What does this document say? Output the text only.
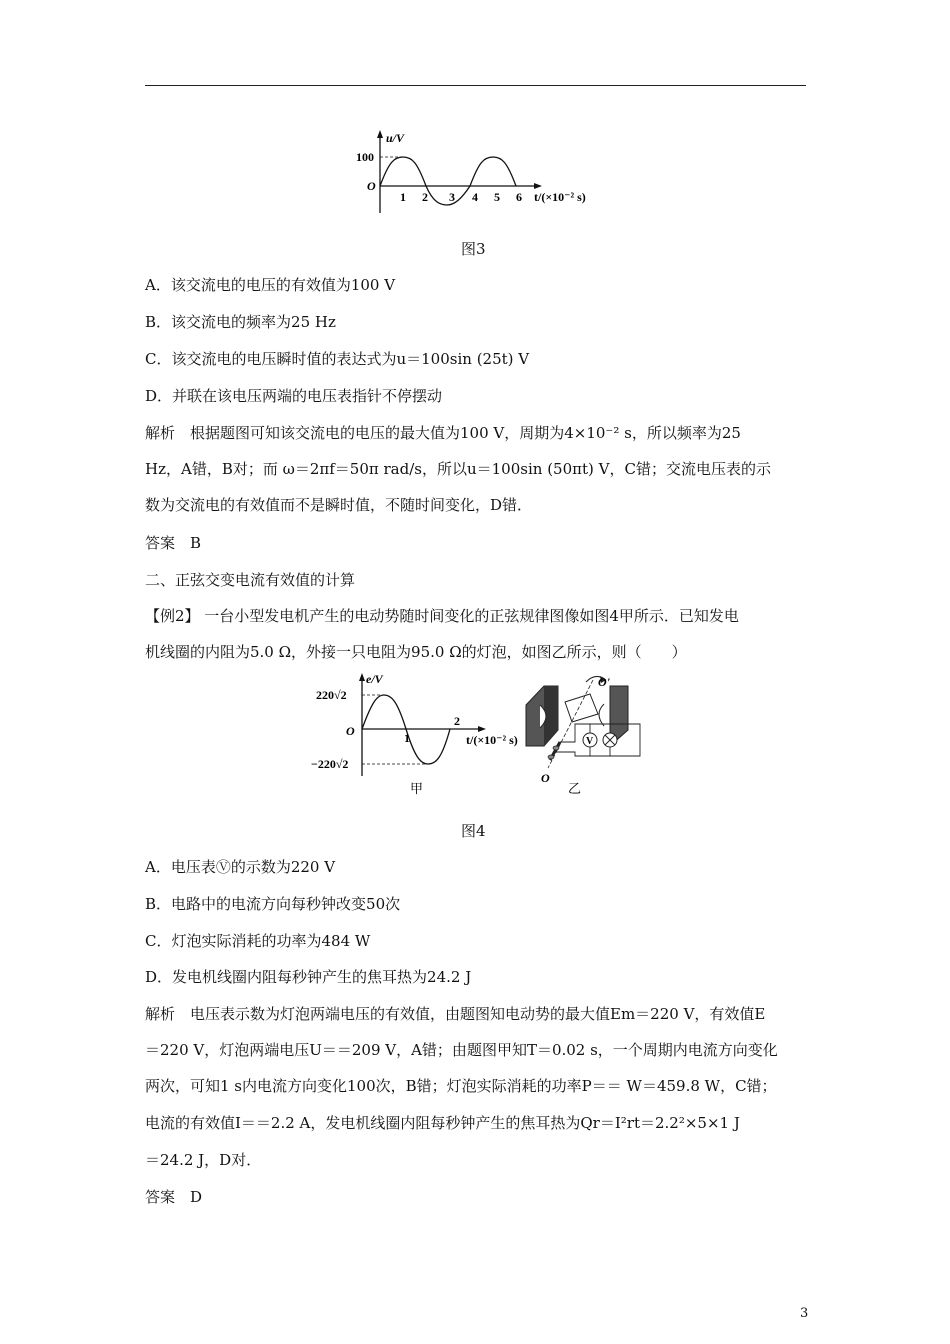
u/V
100
O
1 2 3 4 5 6 t/(×10⁻² s)
图3
A．该交流电的电压的有效值为100 V
B．该交流电的频率为25 Hz
C．该交流电的电压瞬时值的表达式为u＝100sin (25t) V
D．并联在该电压两端的电压表指针不停摆动
解析　根据题图可知该交流电的电压的最大值为100 V，周期为4×10⁻² s，所以频率为25
Hz，A错，B对；而 ω＝2πf＝50π rad/s，所以u＝100sin (50πt) V，C错；交流电压表的示
数为交流电的有效值而不是瞬时值，不随时间变化，D错．
答案　B
二、正弦交变电流有效值的计算
【例2】 一台小型发电机产生的电动势随时间变化的正弦规律图像如图4甲所示．已知发电
机线圈的内阻为5.0 Ω，外接一只电阻为95.0 Ω的灯泡，如图乙所示，则（　　）
e/V
220√2
O	1
2
t/(×10⁻² s)
−220√2
甲
V
O'
O
乙
图4
A．电压表Ⓥ的示数为220 V
B．电路中的电流方向每秒钟改变50次
C．灯泡实际消耗的功率为484 W
D．发电机线圈内阻每秒钟产生的焦耳热为24.2 J
解析　电压表示数为灯泡两端电压的有效值，由题图知电动势的最大值Em＝220 V，有效值E
＝220 V，灯泡两端电压U＝＝209 V，A错；由题图甲知T＝0.02 s，一个周期内电流方向变化
两次，可知1 s内电流方向变化100次，B错；灯泡实际消耗的功率P＝＝ W＝459.8 W，C错；
电流的有效值I＝＝2.2 A，发电机线圈内阻每秒钟产生的焦耳热为Qr＝I²rt＝2.2²×5×1 J
＝24.2 J，D对．
答案　D
3
